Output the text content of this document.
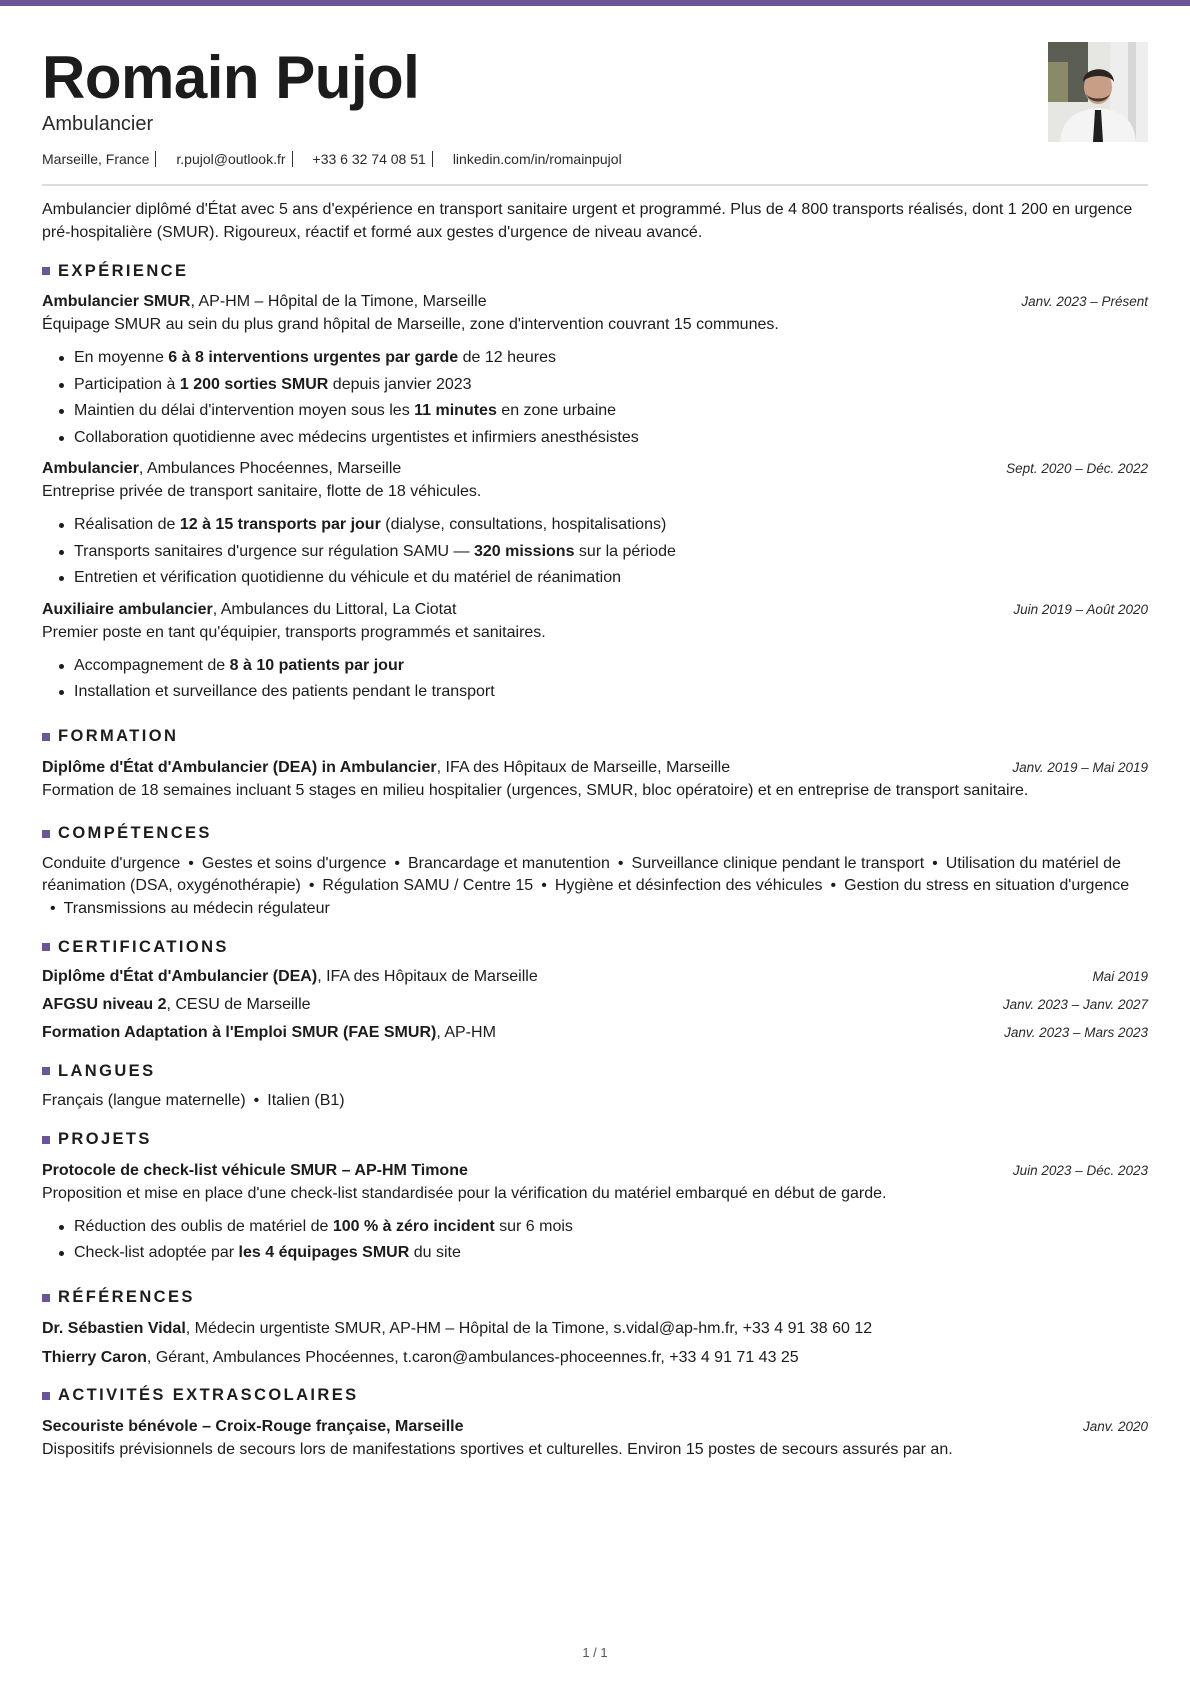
Romain Pujol
Ambulancier
Marseille, France r.pujol@outlook.fr +33 6 32 74 08 51 linkedin.com/in/romainpujol

Ambulancier diplômé d'État avec 5 ans d'expérience en transport sanitaire urgent et programmé. Plus de 4 800 transports réalisés, dont 1 200 en urgence pré-hospitalière (SMUR). Rigoureux, réactif et formé aux gestes d'urgence de niveau avancé.

EXPÉRIENCE
Ambulancier SMUR, AP-HM – Hôpital de la Timone, Marseille	Janv. 2023 – Présent
Équipage SMUR au sein du plus grand hôpital de Marseille, zone d'intervention couvrant 15 communes.
En moyenne 6 à 8 interventions urgentes par garde de 12 heures
Participation à 1 200 sorties SMUR depuis janvier 2023
Maintien du délai d'intervention moyen sous les 11 minutes en zone urbaine
Collaboration quotidienne avec médecins urgentistes et infirmiers anesthésistes
Ambulancier, Ambulances Phocéennes, Marseille	Sept. 2020 – Déc. 2022
Entreprise privée de transport sanitaire, flotte de 18 véhicules.
Réalisation de 12 à 15 transports par jour (dialyse, consultations, hospitalisations)
Transports sanitaires d'urgence sur régulation SAMU — 320 missions sur la période
Entretien et vérification quotidienne du véhicule et du matériel de réanimation
Auxiliaire ambulancier, Ambulances du Littoral, La Ciotat	Juin 2019 – Août 2020
Premier poste en tant qu'équipier, transports programmés et sanitaires.
Accompagnement de 8 à 10 patients par jour
Installation et surveillance des patients pendant le transport
FORMATION
Diplôme d'État d'Ambulancier (DEA) in Ambulancier, IFA des Hôpitaux de Marseille, Marseille	Janv. 2019 – Mai 2019
Formation de 18 semaines incluant 5 stages en milieu hospitalier (urgences, SMUR, bloc opératoire) et en entreprise de transport sanitaire.
COMPÉTENCES
Conduite d'urgence • Gestes et soins d'urgence • Brancardage et manutention • Surveillance clinique pendant le transport • Utilisation du matériel de réanimation (DSA, oxygénothérapie) • Régulation SAMU / Centre 15 • Hygiène et désinfection des véhicules • Gestion du stress en situation d'urgence• Transmissions au médecin régulateur
CERTIFICATIONS
Diplôme d'État d'Ambulancier (DEA), IFA des Hôpitaux de Marseille	Mai 2019
AFGSU niveau 2, CESU de Marseille	Janv. 2023 – Janv. 2027
Formation Adaptation à l'Emploi SMUR (FAE SMUR), AP-HM	Janv. 2023 – Mars 2023
LANGUES
Français (langue maternelle) • Italien (B1)
PROJETS
Protocole de check-list véhicule SMUR – AP-HM Timone	Juin 2023 – Déc. 2023
Proposition et mise en place d'une check-list standardisée pour la vérification du matériel embarqué en début de garde.
Réduction des oublis de matériel de 100 % à zéro incident sur 6 mois
Check-list adoptée par les 4 équipages SMUR du site
RÉFÉRENCES
Dr. Sébastien Vidal, Médecin urgentiste SMUR, AP-HM – Hôpital de la Timone, s.vidal@ap-hm.fr, +33 4 91 38 60 12
Thierry Caron, Gérant, Ambulances Phocéennes, t.caron@ambulances-phoceennes.fr, +33 4 91 71 43 25
ACTIVITÉS EXTRASCOLAIRES
Secouriste bénévole – Croix-Rouge française, Marseille	Janv. 2020
Dispositifs prévisionnels de secours lors de manifestations sportives et culturelles. Environ 15 postes de secours assurés par an.
1 / 1
